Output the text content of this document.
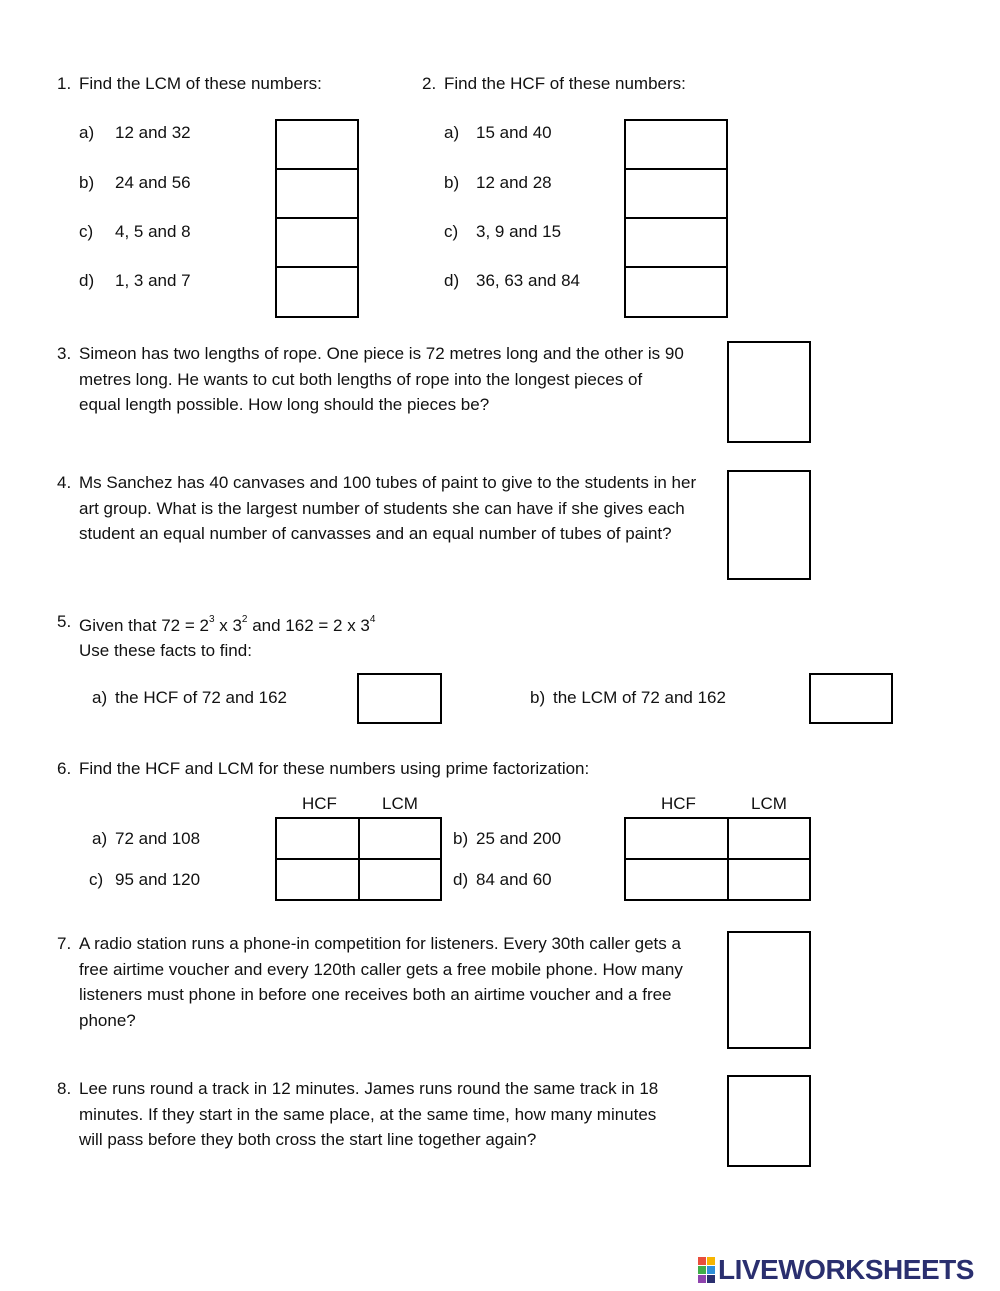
1. Find the LCM of these numbers:
a) 12 and 32
b) 24 and 56
c) 4, 5 and 8
d) 1, 3 and 7
2. Find the HCF of these numbers:
a) 15 and 40
b) 12 and 28
c) 3, 9 and 15
d) 36, 63 and 84
3. Simeon has two lengths of rope. One piece is 72 metres long and the other is 90
metres long. He wants to cut both lengths of rope into the longest pieces of
equal length possible. How long should the pieces be?
4. Ms Sanchez has 40 canvases and 100 tubes of paint to give to the students in her
art group. What is the largest number of students she can have if she gives each
student an equal number of canvasses and an equal number of tubes of paint?
5. Given that $72 = 2^3$ x $3^2$ and 162 = 2 x $3^4$
Use these facts to find:
a) the HCF of 72 and 162	b) the LCM of 72 and 162
6. Find the HCF and LCM for these numbers using prime factorization:
HCF	LCM	HCF	LCM
a) 72 and 108	b) 25 and 200
c) 95 and 120	d) 84 and 60
7. A radio station runs a phone-in competition for listeners. Every 30th caller gets a
free airtime voucher and every 120th caller gets a free mobile phone. How many
listeners must phone in before one receives both an airtime voucher and a free
phone?
8. Lee runs round a track in 12 minutes. James runs round the same track in 18
minutes. If they start in the same place, at the same time, how many minutes
will pass before they both cross the start line together again?
LIVEWORKSHEETS
